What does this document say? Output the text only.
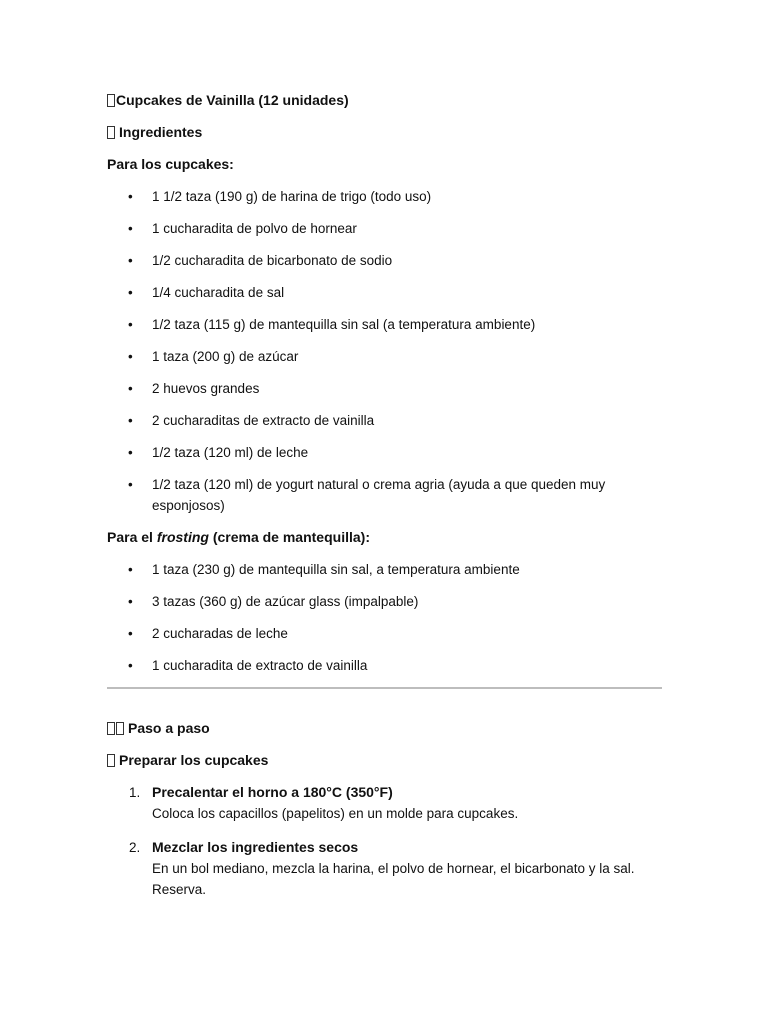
Cupcakes de Vainilla (12 unidades)
Ingredientes
Para los cupcakes:
• 1 1/2 taza (190 g) de harina de trigo (todo uso)
• 1 cucharadita de polvo de hornear
• 1/2 cucharadita de bicarbonato de sodio
• 1/4 cucharadita de sal
• 1/2 taza (115 g) de mantequilla sin sal (a temperatura ambiente)
• 1 taza (200 g) de azúcar
• 2 huevos grandes
• 2 cucharaditas de extracto de vainilla
• 1/2 taza (120 ml) de leche
• 1/2 taza (120 ml) de yogurt natural o crema agria (ayuda a que queden muy esponjosos)
Para el frosting (crema de mantequilla):
• 1 taza (230 g) de mantequilla sin sal, a temperatura ambiente
• 3 tazas (360 g) de azúcar glass (impalpable)
• 2 cucharadas de leche
• 1 cucharadita de extracto de vainilla
Paso a paso
Preparar los cupcakes
1. Precalentar el horno a 180°C (350°F)
Coloca los capacillos (papelitos) en un molde para cupcakes.
2. Mezclar los ingredientes secos
En un bol mediano, mezcla la harina, el polvo de hornear, el bicarbonato y la sal. Reserva.
